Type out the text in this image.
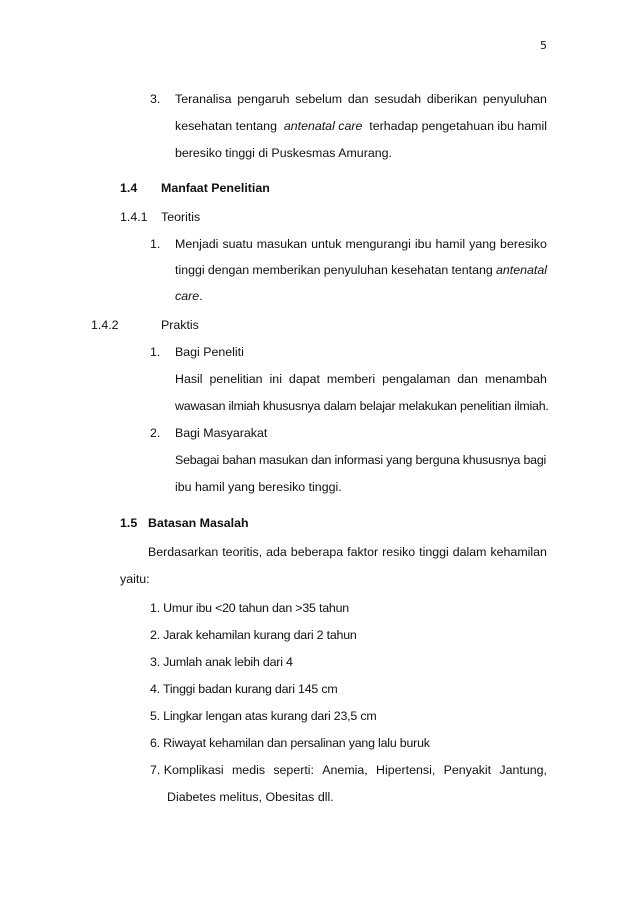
5
3. Teranalisa pengaruh sebelum dan sesudah diberikan penyuluhan
kesehatan tentang antenatal care terhadap pengetahuan ibu hamil
beresiko tinggi di Puskesmas Amurang.
1.4 Manfaat Penelitian
1.4.1 Teoritis
1. Menjadi suatu masukan untuk mengurangi ibu hamil yang beresiko
tinggi dengan memberikan penyuluhan kesehatan tentang antenatal
care.
1.4.2	Praktis
1. Bagi Peneliti
Hasil penelitian ini dapat memberi pengalaman dan menambah
wawasan ilmiah khususnya dalam belajar melakukan penelitian ilmiah.
2. Bagi Masyarakat
Sebagai bahan masukan dan informasi yang berguna khususnya bagi
ibu hamil yang beresiko tinggi.
1.5 Batasan Masalah
Berdasarkan teoritis, ada beberapa faktor resiko tinggi dalam kehamilan
yaitu:
1. Umur ibu <20 tahun dan >35 tahun
2. Jarak kehamilan kurang dari 2 tahun
3. Jumlah anak lebih dari 4
4. Tinggi badan kurang dari 145 cm
5. Lingkar lengan atas kurang dari 23,5 cm
6. Riwayat kehamilan dan persalinan yang lalu buruk
7. Komplikasi medis seperti: Anemia, Hipertensi, Penyakit Jantung,
Diabetes melitus, Obesitas dll.
